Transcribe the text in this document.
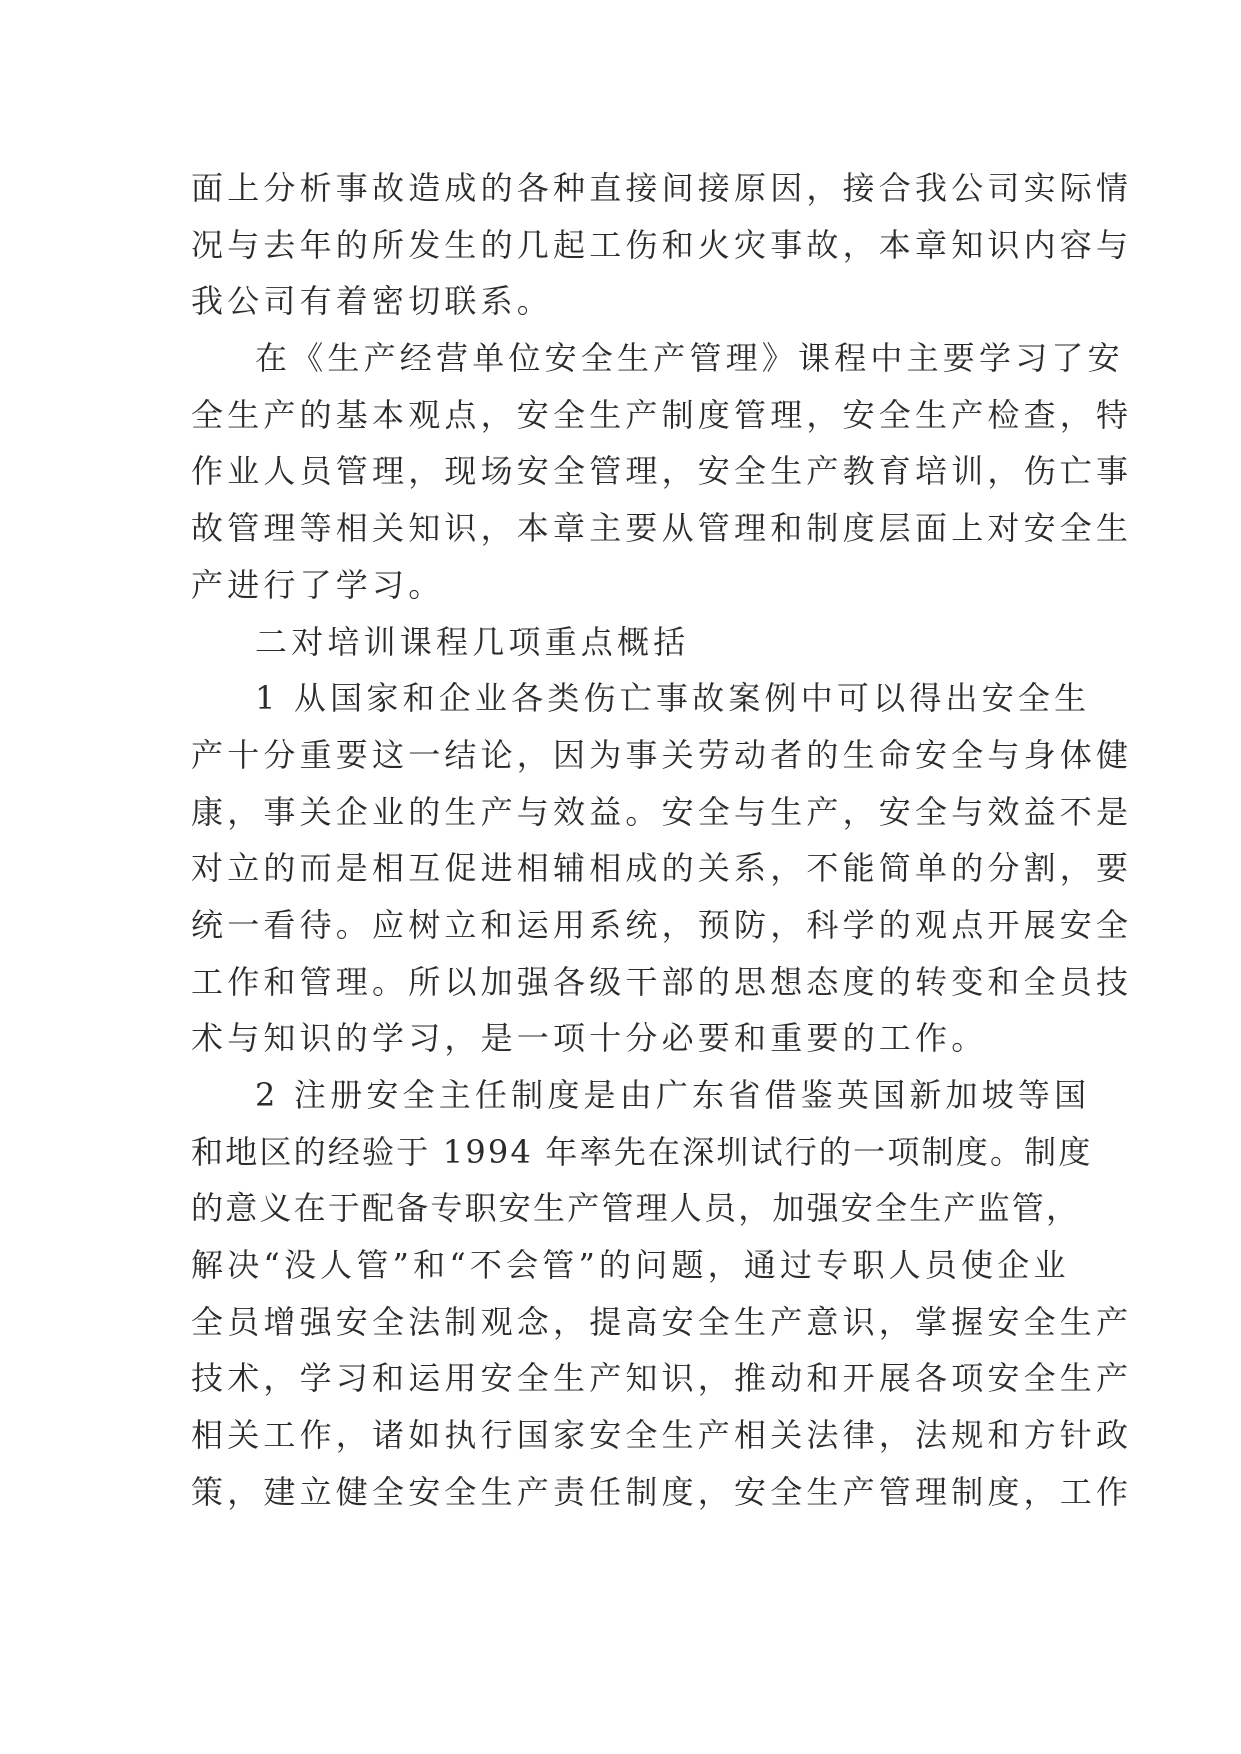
面上分析事故造成的各种直接间接原因，接合我公司实际情
况与去年的所发生的几起工伤和火灾事故，本章知识内容与
我公司有着密切联系。
在《生产经营单位安全生产管理》课程中主要学习了安
全生产的基本观点，安全生产制度管理，安全生产检查，特
作业人员管理，现场安全管理，安全生产教育培训，伤亡事
故管理等相关知识，本章主要从管理和制度层面上对安全生
产进行了学习。
二对培训课程几项重点概括
1 从国家和企业各类伤亡事故案例中可以得出安全生
产十分重要这一结论，因为事关劳动者的生命安全与身体健
康，事关企业的生产与效益。安全与生产，安全与效益不是
对立的而是相互促进相辅相成的关系，不能简单的分割，要
统一看待。应树立和运用系统，预防，科学的观点开展安全
工作和管理。所以加强各级干部的思想态度的转变和全员技
术与知识的学习，是一项十分必要和重要的工作。
2 注册安全主任制度是由广东省借鉴英国新加坡等国
和地区的经验于 1994 年率先在深圳试行的一项制度。制度
的意义在于配备专职安生产管理人员，加强安全生产监管，
解决“没人管”和“不会管”的问题，通过专职人员使企业
全员增强安全法制观念，提高安全生产意识，掌握安全生产
技术，学习和运用安全生产知识，推动和开展各项安全生产
相关工作，诸如执行国家安全生产相关法律，法规和方针政
策，建立健全安全生产责任制度，安全生产管理制度，工作
